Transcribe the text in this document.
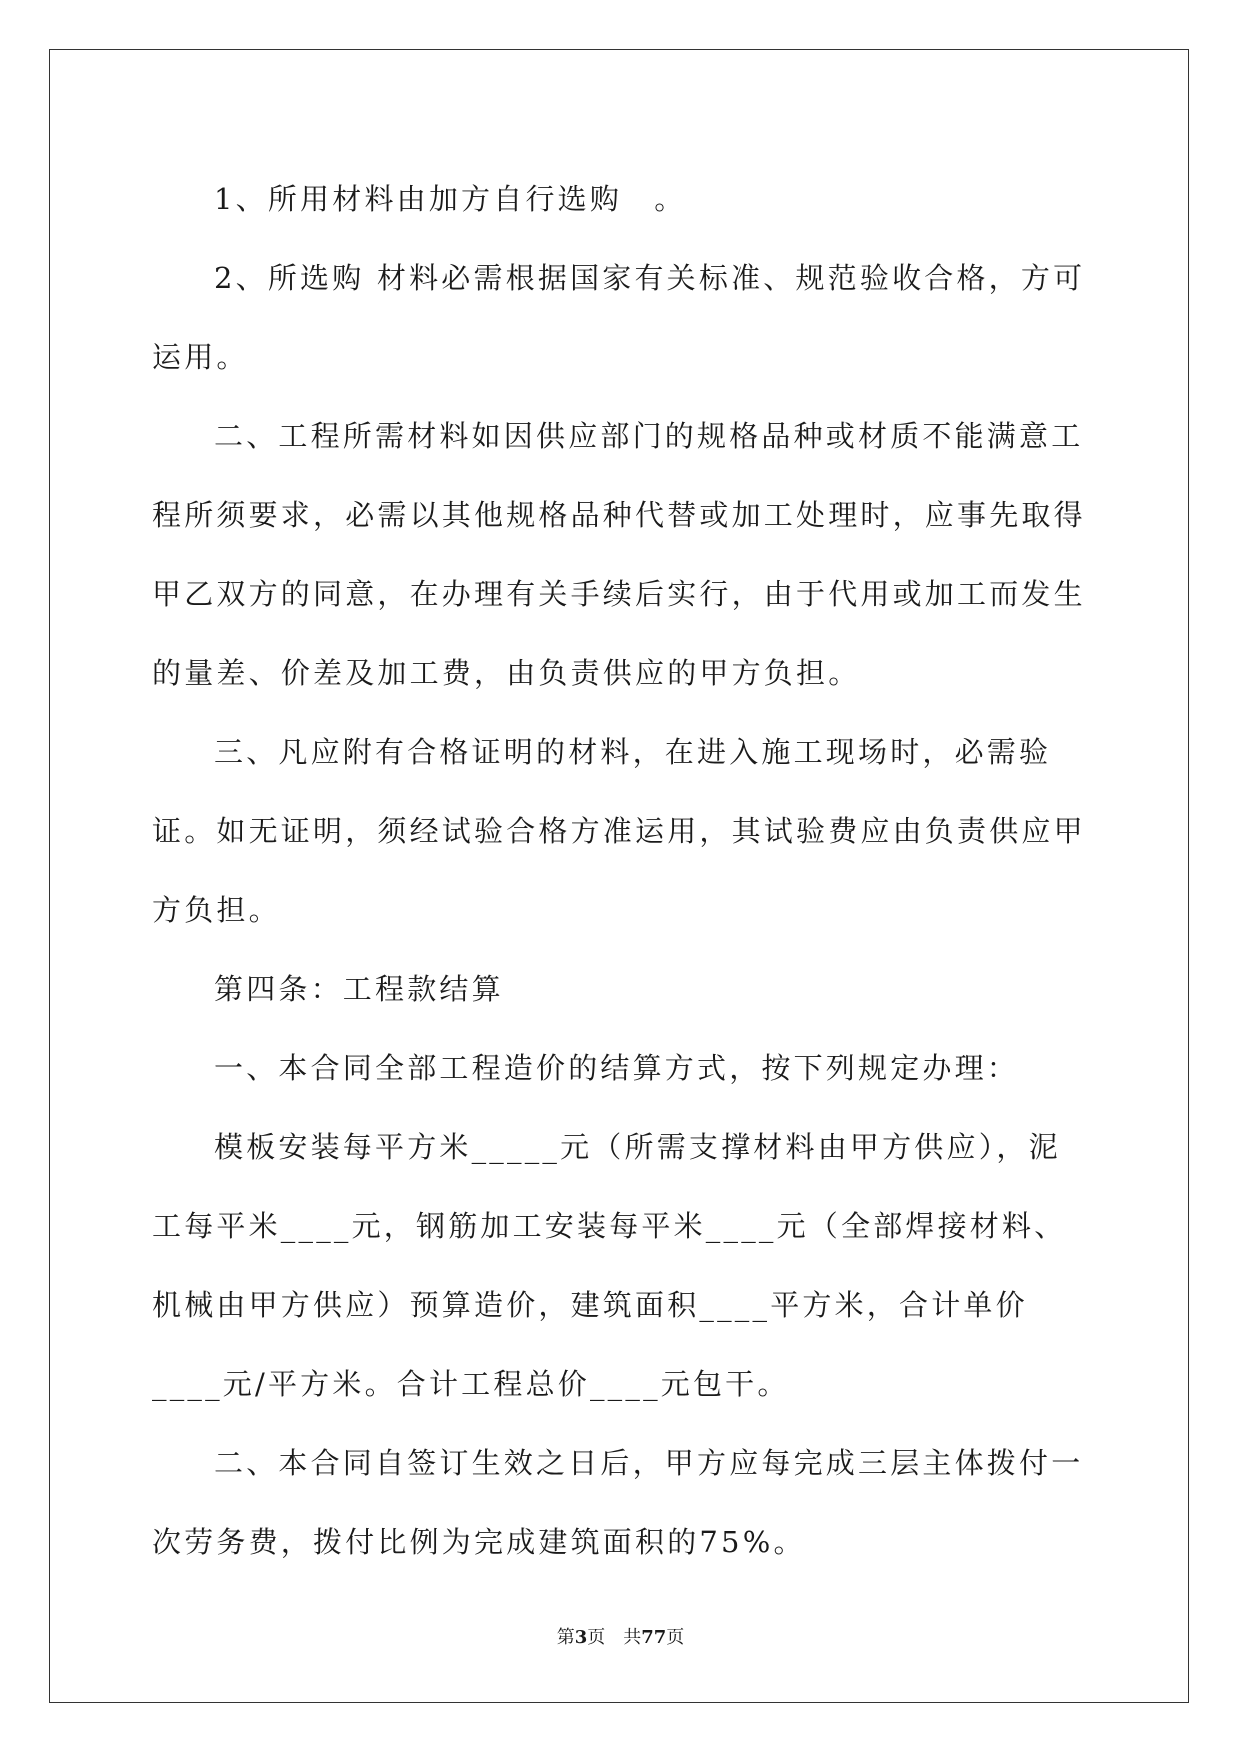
1、所用材料由加方自行选购　。

2、所选购 材料必需根据国家有关标准、规范验收合格，方可运用。

二、工程所需材料如因供应部门的规格品种或材质不能满意工程所须要求，必需以其他规格品种代替或加工处理时，应事先取得甲乙双方的同意，在办理有关手续后实行，由于代用或加工而发生的量差、价差及加工费，由负责供应的甲方负担。

三、凡应附有合格证明的材料，在进入施工现场时，必需验证。如无证明，须经试验合格方准运用，其试验费应由负责供应甲方负担。

第四条：工程款结算

一、本合同全部工程造价的结算方式，按下列规定办理：

模板安装每平方米_____元（所需支撑材料由甲方供应），泥工每平米____元，钢筋加工安装每平米____元（全部焊接材料、机械由甲方供应）预算造价，建筑面积____平方米，合计单价____元/平方米。合计工程总价____元包干。

二、本合同自签订生效之日后，甲方应每完成三层主体拨付一次劳务费，拨付比例为完成建筑面积的75%。

第3页　共77页
